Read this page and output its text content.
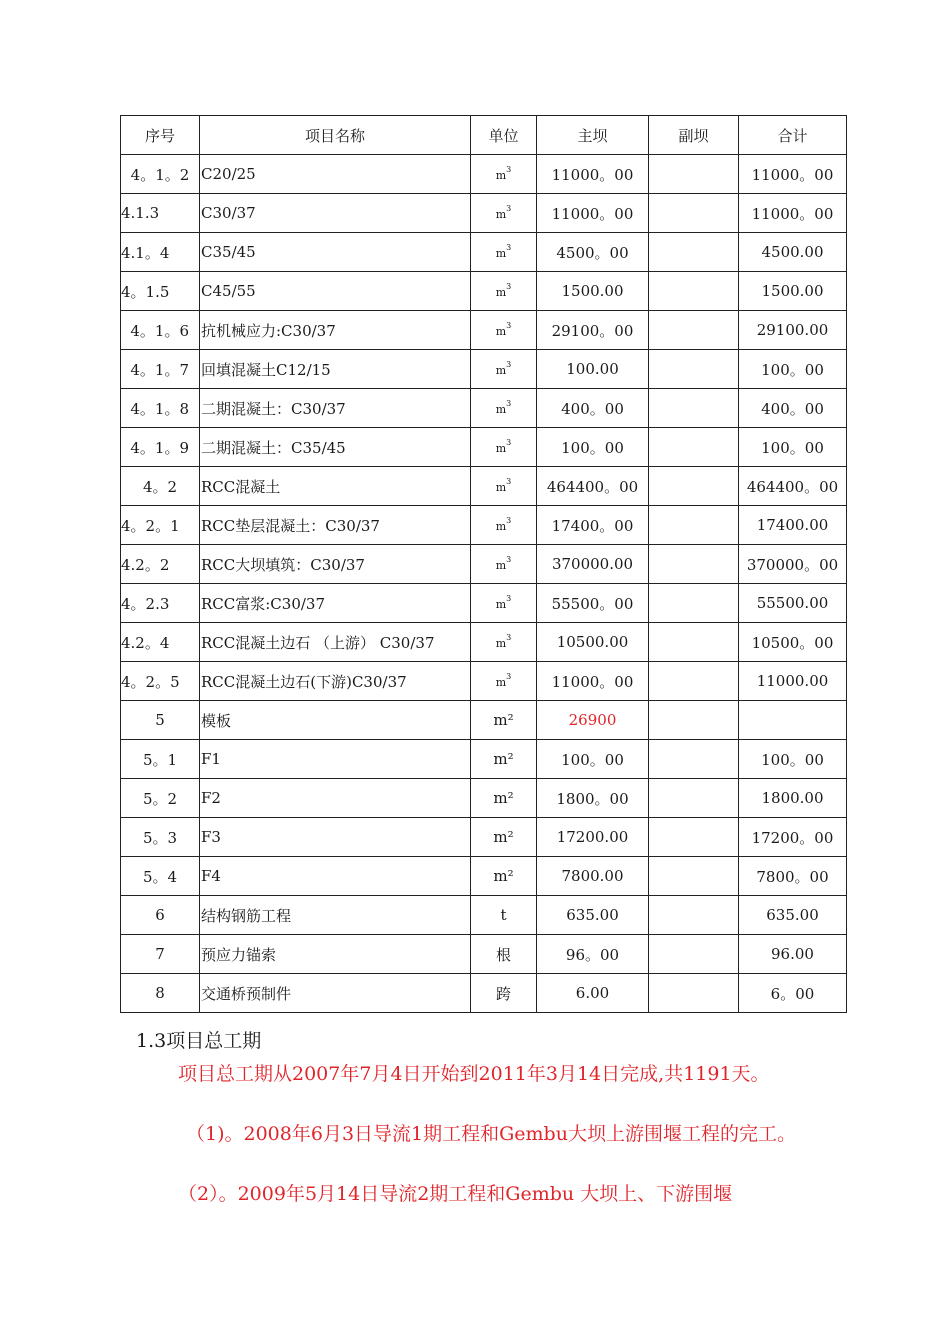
序号	项目名称	单位	主坝	副坝	合计
4。1。2	C20/25	$m^3$	11000。00		11000。00
4.1.3	C30/37	$m^3$	11000。00		11000。00
4.1。4	C35/45	$m^3$	4500。00		4500.00
4。1.5	C45/55	$m^3$	1500.00		1500.00
4。1。6	抗机械应力:C30/37	$m^3$	29100。00		29100.00
4。1。7	回填混凝土C12/15	$m^3$	100.00		100。00
4。1。8	二期混凝土：C30/37	$m^3$	400。00		400。00
4。1。9	二期混凝土：C35/45	$m^3$	100。00		100。00
4。2	RCC混凝土	$m^3$	464400。00		464400。00
4。2。1	RCC垫层混凝土：C30/37	$m^3$	17400。00		17400.00
4.2。2	RCC大坝填筑：C30/37	$m^3$	370000.00		370000。00
4。2.3	RCC富浆:C30/37	$m^3$	55500。00		55500.00
4.2。4	RCC混凝土边石 （上游） C30/37	$m^3$	10500.00		10500。00
4。2。5	RCC混凝土边石(下游)C30/37	$m^3$	11000。00		11000.00
5	模板	m²	26900		
5。1	F1	m²	100。00		100。00
5。2	F2	m²	1800。00		1800.00
5。3	F3	m²	17200.00		17200。00
5。4	F4	m²	7800.00		7800。00
6	结构钢筋工程	t	635.00		635.00
7	预应力锚索	根	96。00		96.00
8	交通桥预制件	跨	6.00		6。00
1.3项目总工期

项目总工期从2007年7月4日开始到2011年3月14日完成,共1191天。

（1)。2008年6月3日导流1期工程和Gembu大坝上游围堰工程的完工。

（2）。2009年5月14日导流2期工程和Gembu 大坝上、下游围堰
